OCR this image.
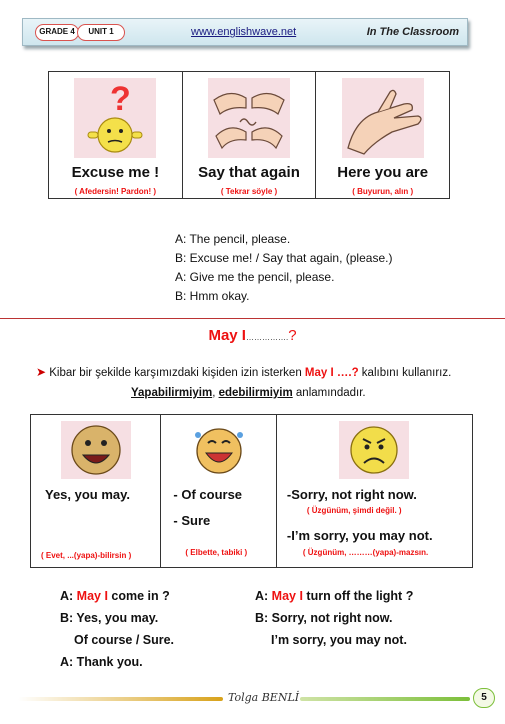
GRADE 4	UNIT 1	www.englishwave.net	In The Classroom
?
Excuse me !
( Afedersin! Pardon! )
Say that again
( Tekrar söyle )
Here you are
( Buyurun, alın )
A: The pencil, please.
B: Excuse me! / Say that again, (please.)
A: Give me the pencil, please.
B: Hmm okay.
May I…………….?
➤ Kibar bir şekilde karşımızdaki kişiden izin isterken May I ….? kalıbını kullanırız.
Yapabilirmiyim, edebilirmiyim anlamındadır.
Yes, you may.
( Evet, ...(yapa)-bilirsin )
- Of course
- Sure
( Elbette, tabiki )
-Sorry, not right now.
( Üzgünüm, şimdi değil. )
-I’m sorry, you may not.
( Üzgünüm, ………(yapa)-mazsın.
A: May I come in ?
B: Yes, you may.
Of course / Sure.
A: Thank you.
A: May I turn off the light ?
B: Sorry, not right now.
I’m sorry, you may not.
Tolga BENLİ	5
